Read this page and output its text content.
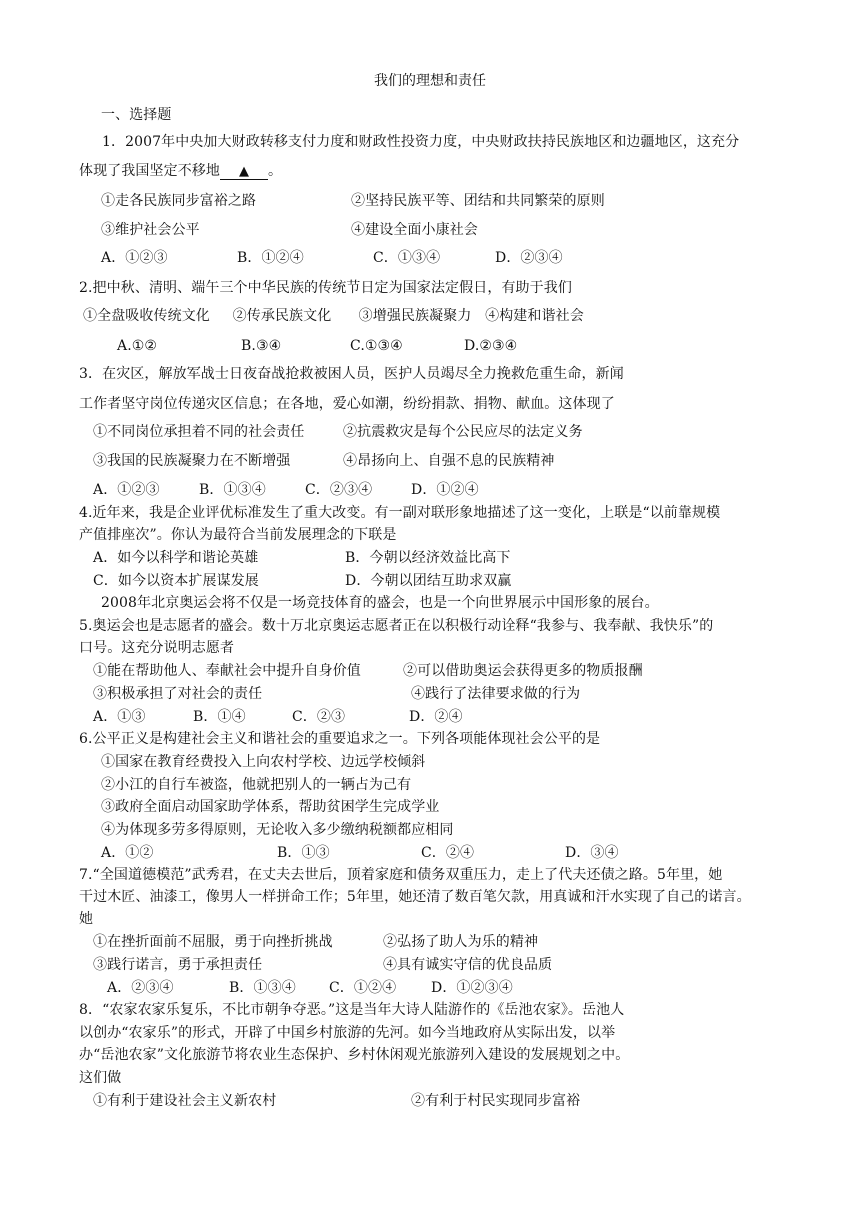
我们的理想和责任
一、选择题
1．2007年中央加大财政转移支付力度和财政性投资力度，中央财政扶持民族地区和边疆地区，这充分
体现了我国坚定不移地 ▲ 。
①走各民族同步富裕之路	②坚持民族平等、团结和共同繁荣的原则
③维护社会公平	④建设全面小康社会
A．①②③	B．①②④	C．①③④	D．②③④
2.把中秋、清明、端午三个中华民族的传统节日定为国家法定假日，有助于我们
①全盘吸收传统文化     ②传承民族文化      ③增强民族凝聚力   ④构建和谐社会
A.①②	B.③④	C.①③④	D.②③④
3．在灾区，解放军战士日夜奋战抢救被困人员，医护人员竭尽全力挽救危重生命，新闻
工作者坚守岗位传递灾区信息；在各地，爱心如潮，纷纷捐款、捐物、献血。这体现了
①不同岗位承担着不同的社会责任	②抗震救灾是每个公民应尽的法定义务
③我国的民族凝聚力在不断增强	④昂扬向上、自强不息的民族精神
A．①②③	B．①③④	C．②③④	D．①②④
4.近年来，我是企业评优标准发生了重大改变。有一副对联形象地描述了这一变化，上联是“以前靠规模
产值排座次”。你认为最符合当前发展理念的下联是
A．如今以科学和谐论英雄	B．今朝以经济效益比高下
C．如今以资本扩展谋发展	D．今朝以团结互助求双赢
2008年北京奥运会将不仅是一场竞技体育的盛会，也是一个向世界展示中国形象的展台。
5.奥运会也是志愿者的盛会。数十万北京奥运志愿者正在以积极行动诠释“我参与、我奉献、我快乐”的
口号。这充分说明志愿者
①能在帮助他人、奉献社会中提升自身价值	②可以借助奥运会获得更多的物质报酬
③积极承担了对社会的责任	④践行了法律要求做的行为
A．①③	B．①④	C．②③	D．②④
6.公平正义是构建社会主义和谐社会的重要追求之一。下列各项能体现社会公平的是
①国家在教育经费投入上向农村学校、边远学校倾斜
②小江的自行车被盗，他就把别人的一辆占为己有
③政府全面启动国家助学体系，帮助贫困学生完成学业
④为体现多劳多得原则，无论收入多少缴纳税额都应相同
A．①②	B．①③	C．②④	D．③④
7.“全国道德模范”武秀君，在丈夫去世后，顶着家庭和债务双重压力，走上了代夫还债之路。5年里，她
干过木匠、油漆工，像男人一样拼命工作；5年里，她还清了数百笔欠款，用真诚和汗水实现了自己的诺言。
她
①在挫折面前不屈服，勇于向挫折挑战	②弘扬了助人为乐的精神
③践行诺言，勇于承担责任	④具有诚实守信的优良品质
A．②③④	B．①③④ C．①②④ D．①②③④
8．“农家农家乐复乐，不比市朝争夺恶。”这是当年大诗人陆游作的《岳池农家》。岳池人
以创办“农家乐”的形式，开辟了中国乡村旅游的先河。如今当地政府从实际出发，以举
办“岳池农家”文化旅游节将农业生态保护、乡村休闲观光旅游列入建设的发展规划之中。
这们做
①有利于建设社会主义新农村	②有利于村民实现同步富裕
